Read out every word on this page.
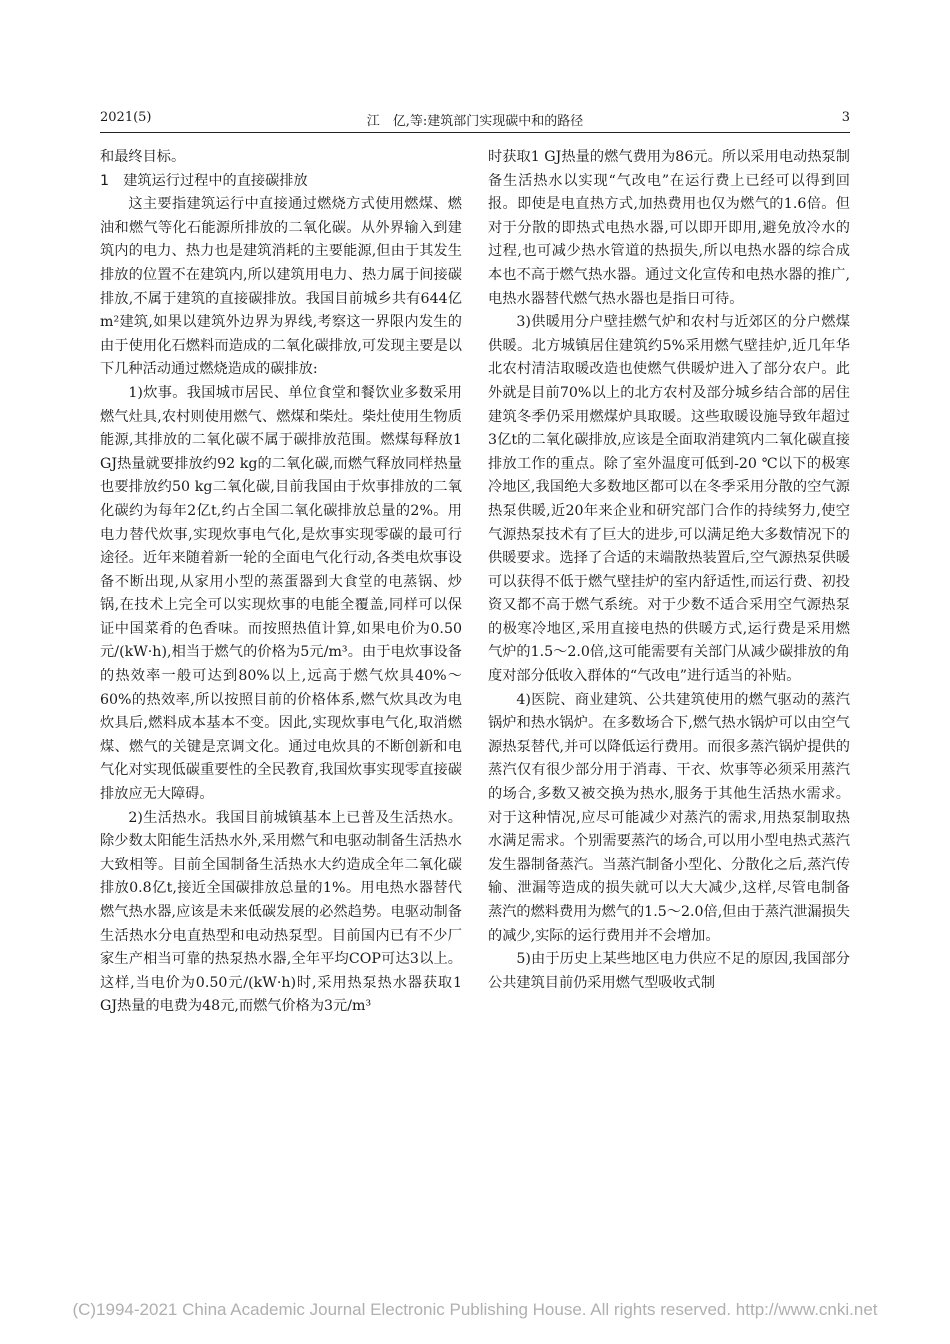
2021(5)	江　亿,等:建筑部门实现碳中和的路径	3

和最终目标。

1　建筑运行过程中的直接碳排放

这主要指建筑运行中直接通过燃烧方式使用燃煤、燃油和燃气等化石能源所排放的二氧化碳。从外界输入到建筑内的电力、热力也是建筑消耗的主要能源,但由于其发生排放的位置不在建筑内,所以建筑用电力、热力属于间接碳排放,不属于建筑的直接碳排放。我国目前城乡共有644亿m²建筑,如果以建筑外边界为界线,考察这一界限内发生的由于使用化石燃料而造成的二氧化碳排放,可发现主要是以下几种活动通过燃烧造成的碳排放:

1)炊事。我国城市居民、单位食堂和餐饮业多数采用燃气灶具,农村则使用燃气、燃煤和柴灶。柴灶使用生物质能源,其排放的二氧化碳不属于碳排放范围。燃煤每释放1 GJ热量就要排放约92 kg的二氧化碳,而燃气释放同样热量也要排放约50 kg二氧化碳,目前我国由于炊事排放的二氧化碳约为每年2亿t,约占全国二氧化碳排放总量的2%。用电力替代炊事,实现炊事电气化,是炊事实现零碳的最可行途径。近年来随着新一轮的全面电气化行动,各类电炊事设备不断出现,从家用小型的蒸蛋器到大食堂的电蒸锅、炒锅,在技术上完全可以实现炊事的电能全覆盖,同样可以保证中国菜肴的色香味。而按照热值计算,如果电价为0.50元/(kW·h),相当于燃气的价格为5元/m³。由于电炊事设备的热效率一般可达到80%以上,远高于燃气炊具40%～60%的热效率,所以按照目前的价格体系,燃气炊具改为电炊具后,燃料成本基本不变。因此,实现炊事电气化,取消燃煤、燃气的关键是烹调文化。通过电炊具的不断创新和电气化对实现低碳重要性的全民教育,我国炊事实现零直接碳排放应无大障碍。

2)生活热水。我国目前城镇基本上已普及生活热水。除少数太阳能生活热水外,采用燃气和电驱动制备生活热水大致相等。目前全国制备生活热水大约造成全年二氧化碳排放0.8亿t,接近全国碳排放总量的1%。用电热水器替代燃气热水器,应该是未来低碳发展的必然趋势。电驱动制备生活热水分电直热型和电动热泵型。目前国内已有不少厂家生产相当可靠的热泵热水器,全年平均COP可达3以上。这样,当电价为0.50元/(kW·h)时,采用热泵热水器获取1 GJ热量的电费为48元,而燃气价格为3元/m³

时获取1 GJ热量的燃气费用为86元。所以采用电动热泵制备生活热水以实现“气改电”在运行费上已经可以得到回报。即使是电直热方式,加热费用也仅为燃气的1.6倍。但对于分散的即热式电热水器,可以即开即用,避免放冷水的过程,也可减少热水管道的热损失,所以电热水器的综合成本也不高于燃气热水器。通过文化宣传和电热水器的推广,电热水器替代燃气热水器也是指日可待。

3)供暖用分户壁挂燃气炉和农村与近郊区的分户燃煤供暖。北方城镇居住建筑约5%采用燃气壁挂炉,近几年华北农村清洁取暖改造也使燃气供暖炉进入了部分农户。此外就是目前70%以上的北方农村及部分城乡结合部的居住建筑冬季仍采用燃煤炉具取暖。这些取暖设施导致年超过3亿t的二氧化碳排放,应该是全面取消建筑内二氧化碳直接排放工作的重点。除了室外温度可低到-20 ℃以下的极寒冷地区,我国绝大多数地区都可以在冬季采用分散的空气源热泵供暖,近20年来企业和研究部门合作的持续努力,使空气源热泵技术有了巨大的进步,可以满足绝大多数情况下的供暖要求。选择了合适的末端散热装置后,空气源热泵供暖可以获得不低于燃气壁挂炉的室内舒适性,而运行费、初投资又都不高于燃气系统。对于少数不适合采用空气源热泵的极寒冷地区,采用直接电热的供暖方式,运行费是采用燃气炉的1.5～2.0倍,这可能需要有关部门从减少碳排放的角度对部分低收入群体的“气改电”进行适当的补贴。

4)医院、商业建筑、公共建筑使用的燃气驱动的蒸汽锅炉和热水锅炉。在多数场合下,燃气热水锅炉可以由空气源热泵替代,并可以降低运行费用。而很多蒸汽锅炉提供的蒸汽仅有很少部分用于消毒、干衣、炊事等必须采用蒸汽的场合,多数又被交换为热水,服务于其他生活热水需求。对于这种情况,应尽可能减少对蒸汽的需求,用热泵制取热水满足需求。个别需要蒸汽的场合,可以用小型电热式蒸汽发生器制备蒸汽。当蒸汽制备小型化、分散化之后,蒸汽传输、泄漏等造成的损失就可以大大减少,这样,尽管电制备蒸汽的燃料费用为燃气的1.5～2.0倍,但由于蒸汽泄漏损失的减少,实际的运行费用并不会增加。

5)由于历史上某些地区电力供应不足的原因,我国部分公共建筑目前仍采用燃气型吸收式制

(C)1994-2021 China Academic Journal Electronic Publishing House. All rights reserved. http://www.cnki.net
